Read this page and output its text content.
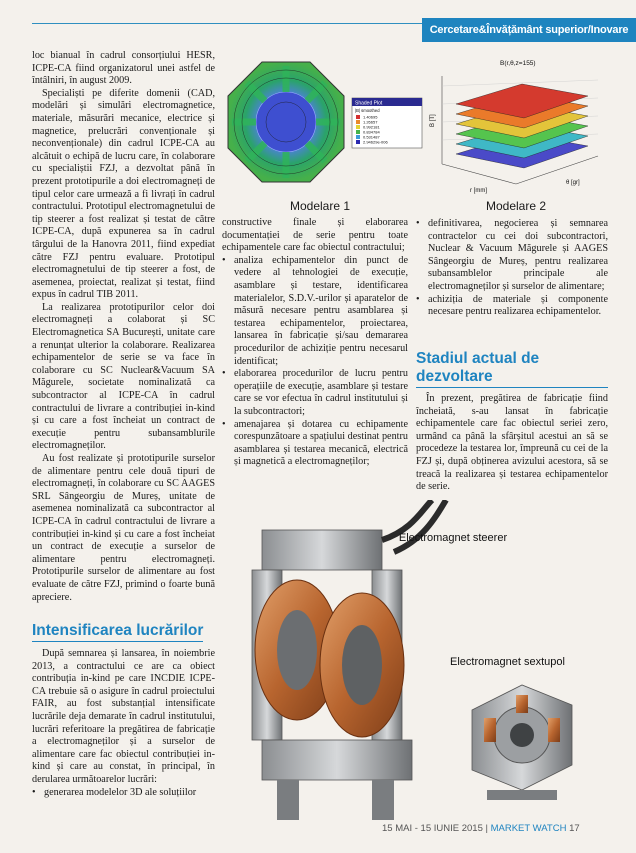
Cercetare&Învățământ superior/Inovare

loc bianual în cadrul consorțiului HESR, ICPE-CA fiind organizatorul unei astfel de întâlniri, în august 2009.

Specialiști pe diferite domenii (CAD, modelări și simulări electromagnetice, materiale, măsurări mecanice, electrice și magnetice, prelucrări convenționale și neconvenționale) din cadrul ICPE-CA au alcătuit o echipă de lucru care, în colaborare cu specialiștii FZJ, a dezvoltat până în prezent prototipurile a doi electromagneți de tipul celor care urmează a fi livrați în cadrul contractului. Prototipul electromagnetului de tip steerer a fost realizat și testat de către ICPE-CA, după expunerea sa în cadrul târgului de la Hanovra 2011, fiind expediat către FZJ pentru evaluare. Prototipul electromagnetului de tip steerer a fost, de asemenea, proiectat, realizat și testat, fiind expus în cadrul TIB 2011.

La realizarea prototipurilor celor doi electromagneți a colaborat și SC Electromagnetica SA București, unitate care a renunțat ulterior la colaborare. Realizarea echipamentelor de serie se va face în colaborare cu SC Nuclear&Vacuum SA Măgurele, societate nominalizată ca subcontractor al ICPE-CA în cadrul contractului de livrare a contribuției in-kind și cu care a fost încheiat un contract de execuție pentru subansamblurile electromagneților.

Au fost realizate și prototipurile surselor de alimentare pentru cele două tipuri de electromagneți, în colaborare cu SC AAGES SRL Sângeorgiu de Mureș, unitate de asemenea nominalizată ca subcontractor al ICPE-CA în cadrul contractului de livrare a contribuției in-kind și cu care a fost încheiat un contract de execuție a surselor de alimentare pentru electromagneți. Prototipurile surselor de alimentare au fost evaluate de către FZJ, primind o foarte bună apreciere.

Intensificarea lucrărilor

După semnarea și lansarea, în noiembrie 2013, a contractului ce are ca obiect contribuția in-kind pe care INCDIE ICPE-CA trebuie să o asigure în cadrul proiectului FAIR, au fost substanțial intensificate lucrările deja demarate în cadrul institutului, lucrări referitoare la pregătirea de fabricație a electromagneților și a surselor de alimentare care fac obiectul contribuției in-kind și care au constat, în principal, în derularea următoarelor lucrări:

• generarea modelelor 3D ale soluțiilor
Shaded Plot
|B| smoothed
1.40695
1.26657
0.992181
0.834784
0.531487
2.94629e-006
Modelare 1
B(r,θ,z=155)
B [T]
r [mm]
θ [gr]
Modelare 2

constructive finale și elaborarea documentației de serie pentru toate echipamentele care fac obiectul contractului;

• analiza echipamentelor din punct de vedere al tehnologiei de execuție, asamblare și testare, identificarea materialelor, S.D.V.-urilor și aparatelor de măsură necesare pentru asamblarea și testarea echipamentelor, proiectarea, lansarea în fabricație și/sau demararea procedurilor de achiziție pentru necesarul identificat;
• elaborarea procedurilor de lucru pentru operațiile de execuție, asamblare și testare care se vor efectua în cadrul institutului și la subcontractori;
• amenajarea și dotarea cu echipamente corespunzătoare a spațiului destinat pentru asamblarea și testarea mecanică, electrică și magnetică a electromagneților;
• definitivarea, negocierea și semnarea contractelor cu cei doi subcontractori, Nuclear & Vacuum Măgurele și AAGES Sângeorgiu de Mureș, pentru realizarea subansamblelor principale ale electromagneților și surselor de alimentare;
• achiziția de materiale și componente necesare pentru realizarea echipamentelor.
Stadiul actual de dezvoltare

În prezent, pregătirea de fabricație fiind încheiată, s-au lansat în fabricație echipamentele care fac obiectul seriei zero, urmând ca până la sfârșitul acestui an să se procedeze la testarea lor, împreună cu cei de la FZJ și, după obținerea avizului acestora, să se treacă la realizarea și testarea echipamentelor de serie.

Electromagnet steerer
Electromagnet sextupol
15 MAI - 15 IUNIE 2015 | MARKET WATCH 17
